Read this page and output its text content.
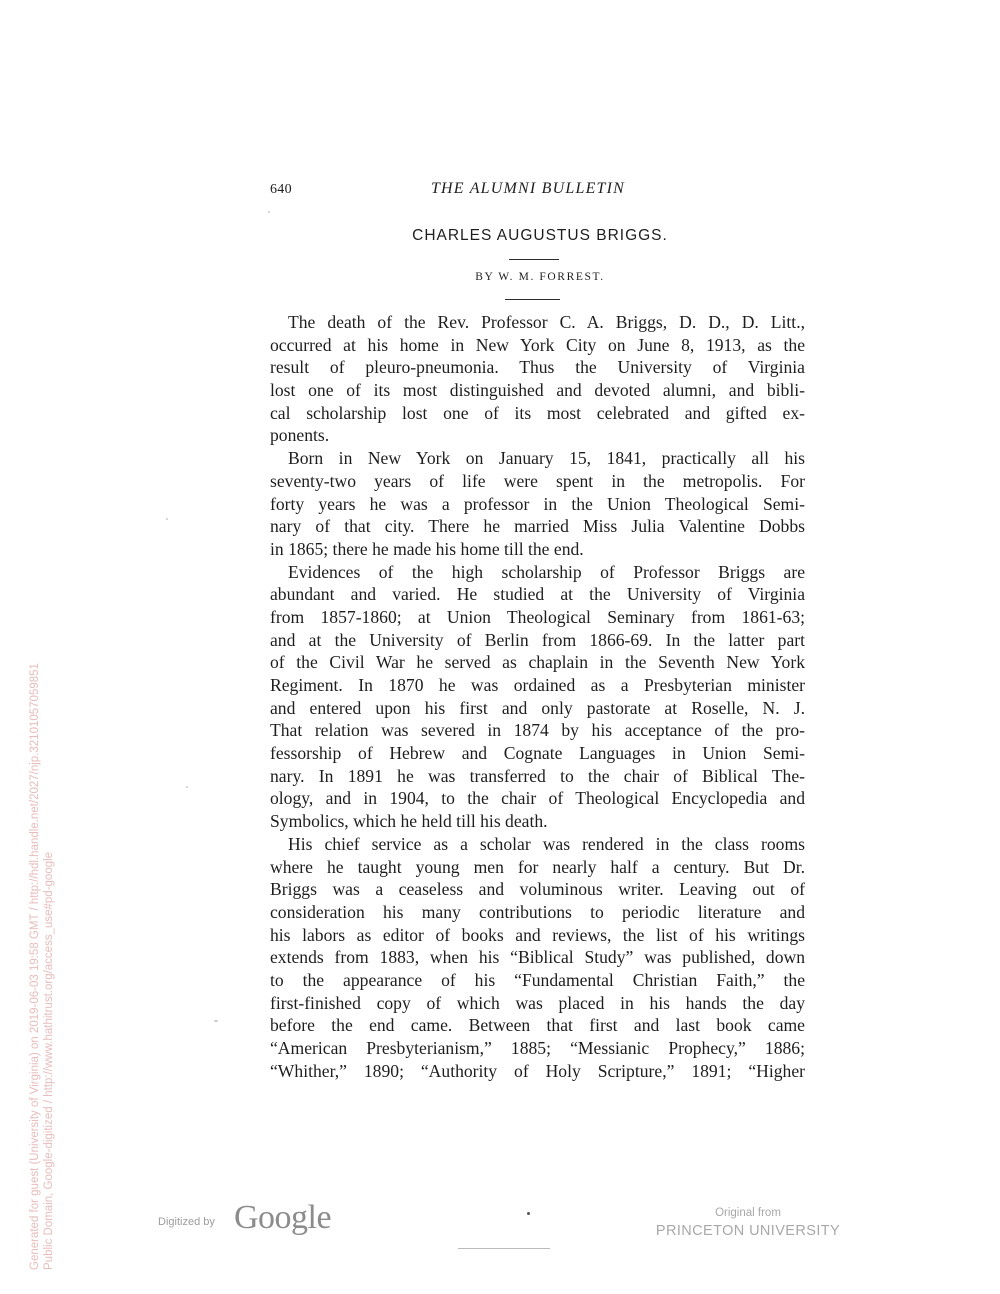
640	THE ALUMNI BULLETIN
CHARLES AUGUSTUS BRIGGS.
BY W. M. FORREST.
The death of the Rev. Professor C. A. Briggs, D. D., D. Litt.,
occurred at his home in New York City on June 8, 1913, as the
result of pleuro-pneumonia. Thus the University of Virginia
lost one of its most distinguished and devoted alumni, and bibli-
cal scholarship lost one of its most celebrated and gifted ex-
ponents.
Born in New York on January 15, 1841, practically all his
seventy-two years of life were spent in the metropolis. For
forty years he was a professor in the Union Theological Semi-
nary of that city. There he married Miss Julia Valentine Dobbs
in 1865; there he made his home till the end.
Evidences of the high scholarship of Professor Briggs are
abundant and varied. He studied at the University of Virginia
from 1857-1860; at Union Theological Seminary from 1861-63;
and at the University of Berlin from 1866-69. In the latter part
of the Civil War he served as chaplain in the Seventh New York
Regiment. In 1870 he was ordained as a Presbyterian minister
and entered upon his first and only pastorate at Roselle, N. J.
That relation was severed in 1874 by his acceptance of the pro-
fessorship of Hebrew and Cognate Languages in Union Semi-
nary. In 1891 he was transferred to the chair of Biblical The-
ology, and in 1904, to the chair of Theological Encyclopedia and
Symbolics, which he held till his death.
His chief service as a scholar was rendered in the class rooms
where he taught young men for nearly half a century. But Dr.
Briggs was a ceaseless and voluminous writer. Leaving out of
consideration his many contributions to periodic literature and
his labors as editor of books and reviews, the list of his writings
extends from 1883, when his “Biblical Study” was published, down
to the appearance of his “Fundamental Christian Faith,” the
first-finished copy of which was placed in his hands the day
before the end came. Between that first and last book came
“American Presbyterianism,” 1885; “Messianic Prophecy,” 1886;
“Whither,” 1890; “Authority of Holy Scripture,” 1891; “Higher
Generated for guest (University of Virginia) on 2019-06-03 19:58 GMT / http://hdl.handle.net/2027/njp.32101057059851 Public Domain, Google-digitized / http://www.hathitrust.org/access_use#pd-google	Digitized by Google	Original from
PRINCETON UNIVERSITY
